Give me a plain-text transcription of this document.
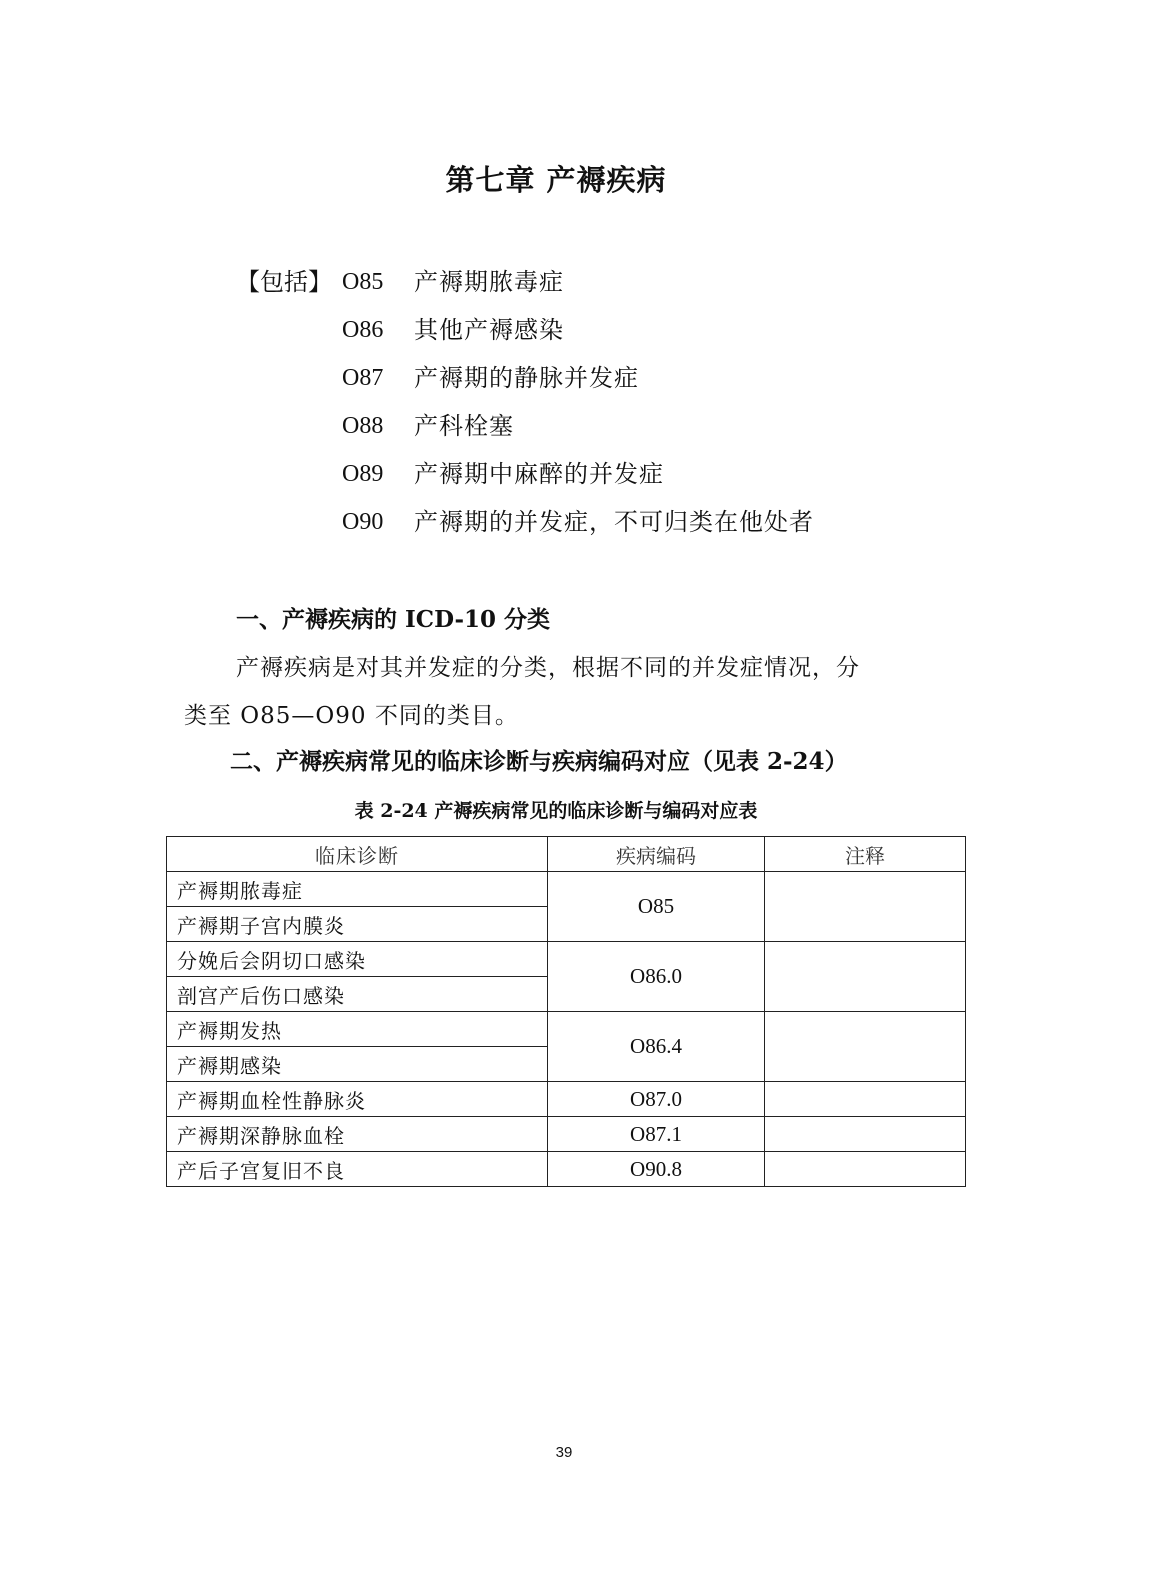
第七章 产褥疾病
【包括】 O85 产褥期脓毒症
O86 其他产褥感染
O87 产褥期的静脉并发症
O88 产科栓塞
O89 产褥期中麻醉的并发症
O90 产褥期的并发症，不可归类在他处者
一、产褥疾病的 ICD-10 分类
产褥疾病是对其并发症的分类，根据不同的并发症情况，分
类至 O85—O90 不同的类目。
二、产褥疾病常见的临床诊断与疾病编码对应（见表 2-24）
表 2-24 产褥疾病常见的临床诊断与编码对应表
临床诊断	疾病编码	注释
产褥期脓毒症	O85	
产褥期子宫内膜炎		
分娩后会阴切口感染	O86.0	
剖宫产后伤口感染		
产褥期发热	O86.4	
产褥期感染		
产褥期血栓性静脉炎	O87.0	
产褥期深静脉血栓	O87.1	
产后子宫复旧不良	O90.8	
39
